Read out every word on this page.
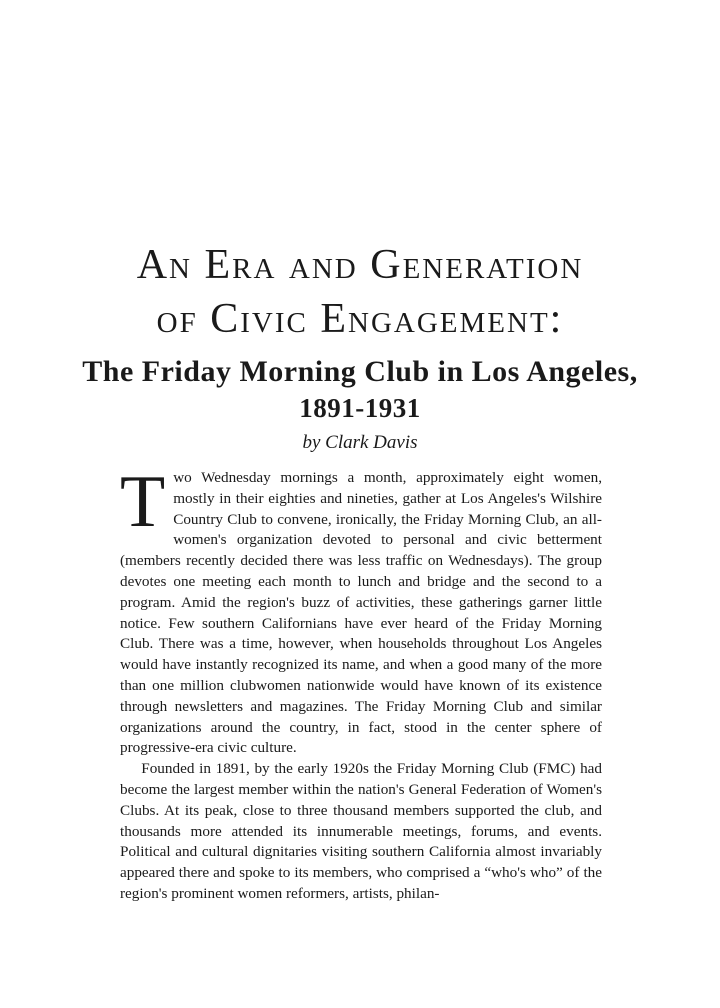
An Era and Generation
of Civic Engagement:
The Friday Morning Club in Los Angeles,
1891-1931

by Clark Davis

Two Wednesday mornings a month, approximately eight women, mostly in their eighties and nineties, gather at Los Angeles's Wilshire Country Club to convene, ironically, the Friday Morning Club, an all-women's organization devoted to personal and civic betterment (members recently decided there was less traffic on Wednesdays). The group devotes one meeting each month to lunch and bridge and the second to a program. Amid the region's buzz of activities, these gatherings garner little notice. Few southern Californians have ever heard of the Friday Morning Club. There was a time, however, when households throughout Los Angeles would have instantly recognized its name, and when a good many of the more than one million clubwomen nationwide would have known of its existence through newsletters and magazines. The Friday Morning Club and similar organizations around the country, in fact, stood in the center sphere of progressive-era civic culture.

Founded in 1891, by the early 1920s the Friday Morning Club (FMC) had become the largest member within the nation's General Federation of Women's Clubs. At its peak, close to three thousand members supported the club, and thousands more attended its innumerable meetings, forums, and events. Political and cultural dignitaries visiting southern California almost invariably appeared there and spoke to its members, who comprised a “who's who” of the region's prominent women reformers, artists, philan-
